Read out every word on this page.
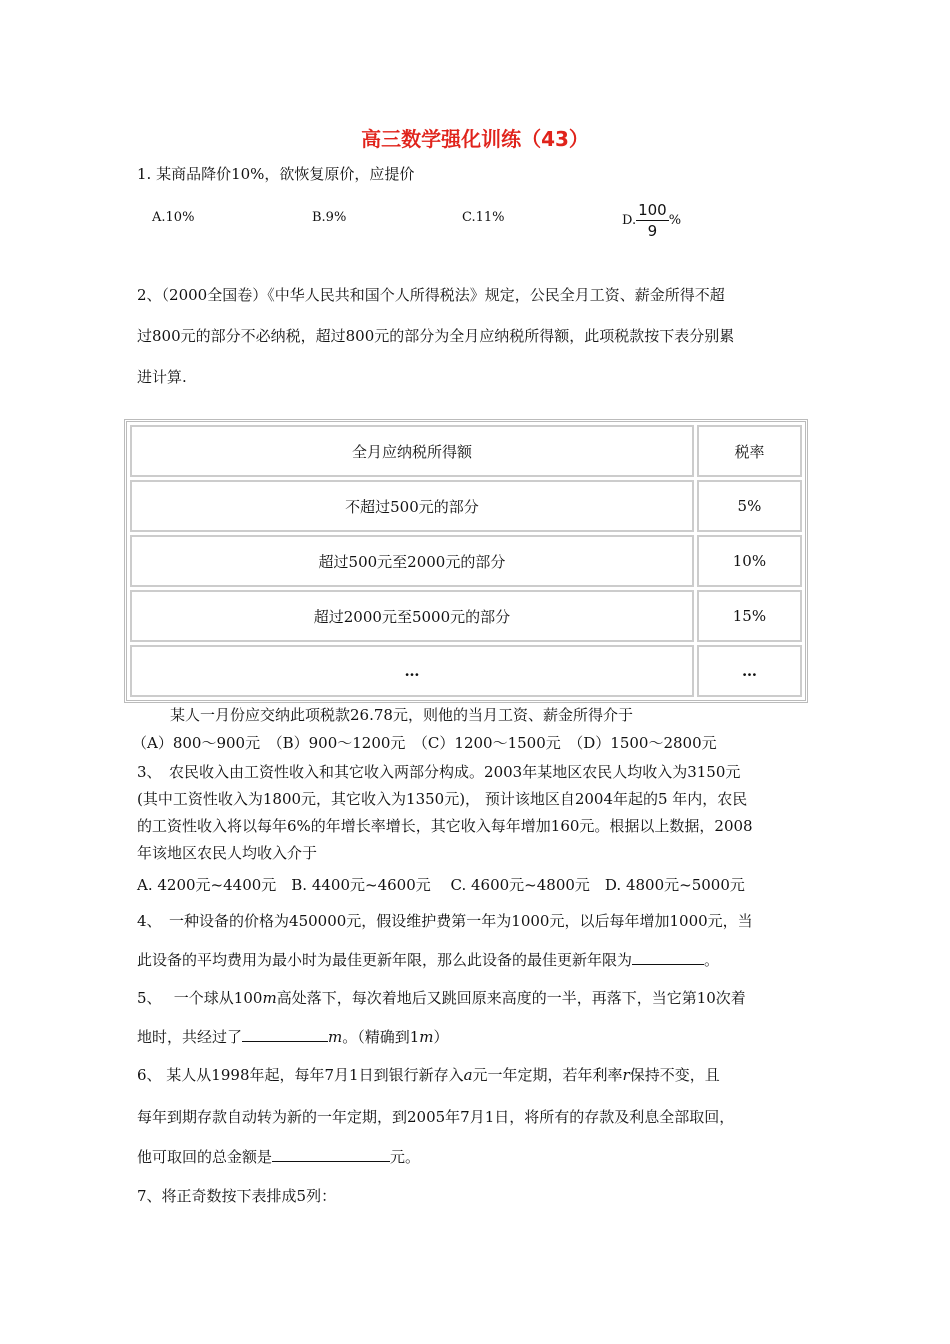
高三数学强化训练（43）
1. 某商品降价10%，欲恢复原价，应提价
A.10%	B.9%	C.11%	D. $\frac{100}{9}$ %
2、（2000全国卷）《中华人民共和国个人所得税法》规定，公民全月工资、薪金所得不超
过800元的部分不必纳税，超过800元的部分为全月应纳税所得额，此项税款按下表分别累
进计算.
全月应纳税所得额	税率
不超过500元的部分	5%
超过500元至2000元的部分	10%
超过2000元至5000元的部分	15%
…	…
某人一月份应交纳此项税款26.78元，则他的当月工资、薪金所得介于
（A）800～900元　（B）900～1200元　（C）1200～1500元　（D）1500～2800元
3、　农民收入由工资性收入和其它收入两部分构成。2003年某地区农民人均收入为3150元
(其中工资性收入为1800元，其它收入为1350元)， 预计该地区自2004年起的5 年内，农民
的工资性收入将以每年6%的年增长率增长，其它收入每年增加160元。根据以上数据，2008
年该地区农民人均收入介于
A. 4200元~4400元　B. 4400元~4600元　 C. 4600元~4800元　D. 4800元~5000元
4、　一种设备的价格为450000元，假设维护费第一年为1000元，以后每年增加1000元，当
此设备的平均费用为最小时为最佳更新年限，那么此设备的最佳更新年限为	。
5、　 一个球从100m高处落下，每次着地后又跳回原来高度的一半，再落下，当它第10次着
地时，共经过了	m。（精确到1m）
6、 某人从1998年起，每年7月1日到银行新存入a元一年定期，若年利率r保持不变，且
每年到期存款自动转为新的一年定期，到2005年7月1日，将所有的存款及利息全部取回，
他可取回的总金额是	元。
7、将正奇数按下表排成5列：
